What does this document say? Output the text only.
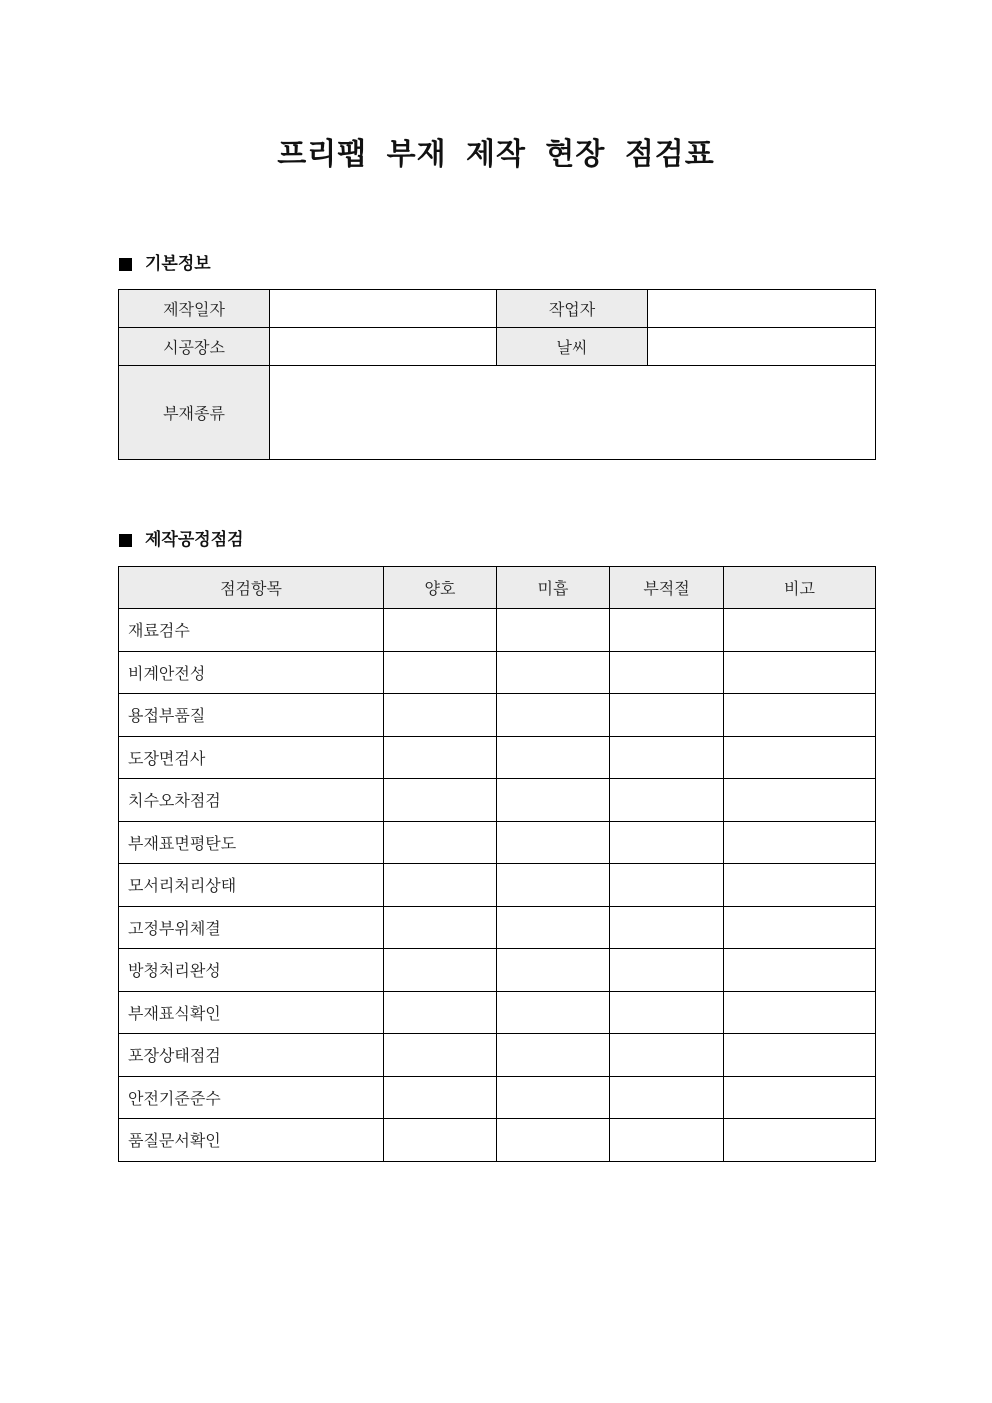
프리팹 부재 제작 현장 점검표
기본정보
제작일자		작업자	
시공장소		날씨	
부재종류			
제작공정점검
점검항목	양호	미흡	부적절	비고
재료검수				
비계안전성				
용접부품질				
도장면검사				
치수오차점검				
부재표면평탄도				
모서리처리상태				
고정부위체결				
방청처리완성				
부재표식확인				
포장상태점검				
안전기준준수				
품질문서확인				
